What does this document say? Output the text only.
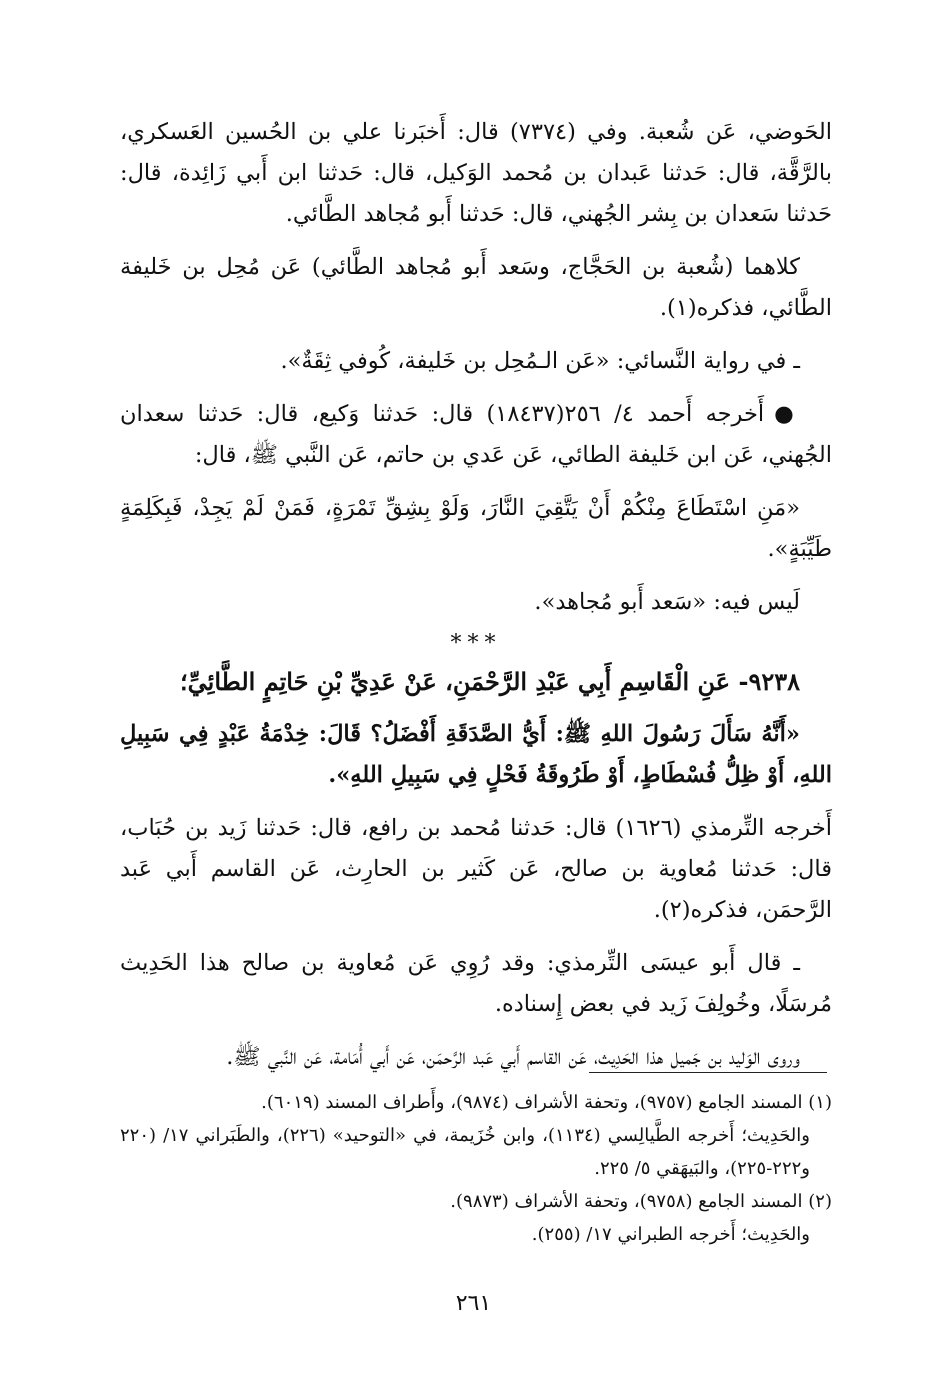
الحَوضي، عَن شُعبة. وفي (٧٣٧٤) قال: أَخبَرنا علي بن الحُسين العَسكري، بالرَّقَّة، قال: حَدثنا عَبدان بن مُحمد الوَكيل، قال: حَدثنا ابن أَبي زَائِدة، قال: حَدثنا سَعدان بن بِشر الجُهني، قال: حَدثنا أَبو مُجاهد الطَّائي.

كلاهما (شُعبة بن الحَجَّاج، وسَعد أَبو مُجاهد الطَّائي) عَن مُحِل بن خَليفة الطَّائي، فذكره(١).

ـ في رواية النَّسائي: «عَن الـمُحِل بن خَليفة، كُوفي ثِقَةٌ».

●أَخرجه أَحمد ٤/ ٢٥٦(١٨٤٣٧) قال: حَدثنا وَكيع، قال: حَدثنا سعدان الجُهني، عَن ابن خَليفة الطائي، عَن عَدي بن حاتم، عَن النَّبي ﷺ، قال:

«مَنِ اسْتَطَاعَ مِنْكُمْ أَنْ يَتَّقِيَ النَّارَ، وَلَوْ بِشِقِّ تَمْرَةٍ، فَمَنْ لَمْ يَجِدْ، فَبِكَلِمَةٍ طَيِّبَةٍ».

لَيس فيه: «سَعد أَبو مُجاهد».

***

٩٢٣٨- عَنِ الْقَاسِمِ أَبِي عَبْدِ الرَّحْمَنِ، عَنْ عَدِيِّ بْنِ حَاتِمٍ الطَّائِيِّ؛

«أَنَّهُ سَأَلَ رَسُولَ اللهِ ﷺ: أَيُّ الصَّدَقَةِ أَفْضَلُ؟ قَالَ: خِدْمَةُ عَبْدٍ فِي سَبِيلِ اللهِ، أَوْ ظِلُّ فُسْطَاطٍ، أَوْ طَرُوقَةُ فَحْلٍ فِي سَبِيلِ اللهِ».

أَخرجه التِّرمذي (١٦٢٦) قال: حَدثنا مُحمد بن رافع، قال: حَدثنا زَيد بن حُبَاب، قال: حَدثنا مُعاوية بن صالح، عَن كَثير بن الحارِث، عَن القاسم أَبي عَبد الرَّحمَن، فذكره(٢).

ـ قال أَبو عيسَى التِّرمذي: وقد رُوِي عَن مُعاوية بن صالح هذا الحَدِيث مُرسَلًا، وخُولِفَ زَيد في بعض إِسناده.

وروى الوَليد بن جَميل هذا الحَدِيث، عَن القاسم أَبي عَبد الرَّحمَن، عَن أَبي أُمَامة، عَن النَّبي ﷺ.

(١) المسند الجامع (٩٧٥٧)، وتحفة الأشراف (٩٨٧٤)، وأَطراف المسند (٦٠١٩).

والحَدِيث؛ أَخرجه الطَّيالِسي (١١٣٤)، وابن خُزَيمة، في «التوحيد» (٢٢٦)، والطَبَراني ١٧/ (٢٢٠ و٢٢٢-٢٢٥)، والبَيهَقي ٥/ ٢٢٥.

(٢) المسند الجامع (٩٧٥٨)، وتحفة الأشراف (٩٨٧٣).

والحَدِيث؛ أَخرجه الطبراني ١٧/ (٢٥٥).

٢٦١
